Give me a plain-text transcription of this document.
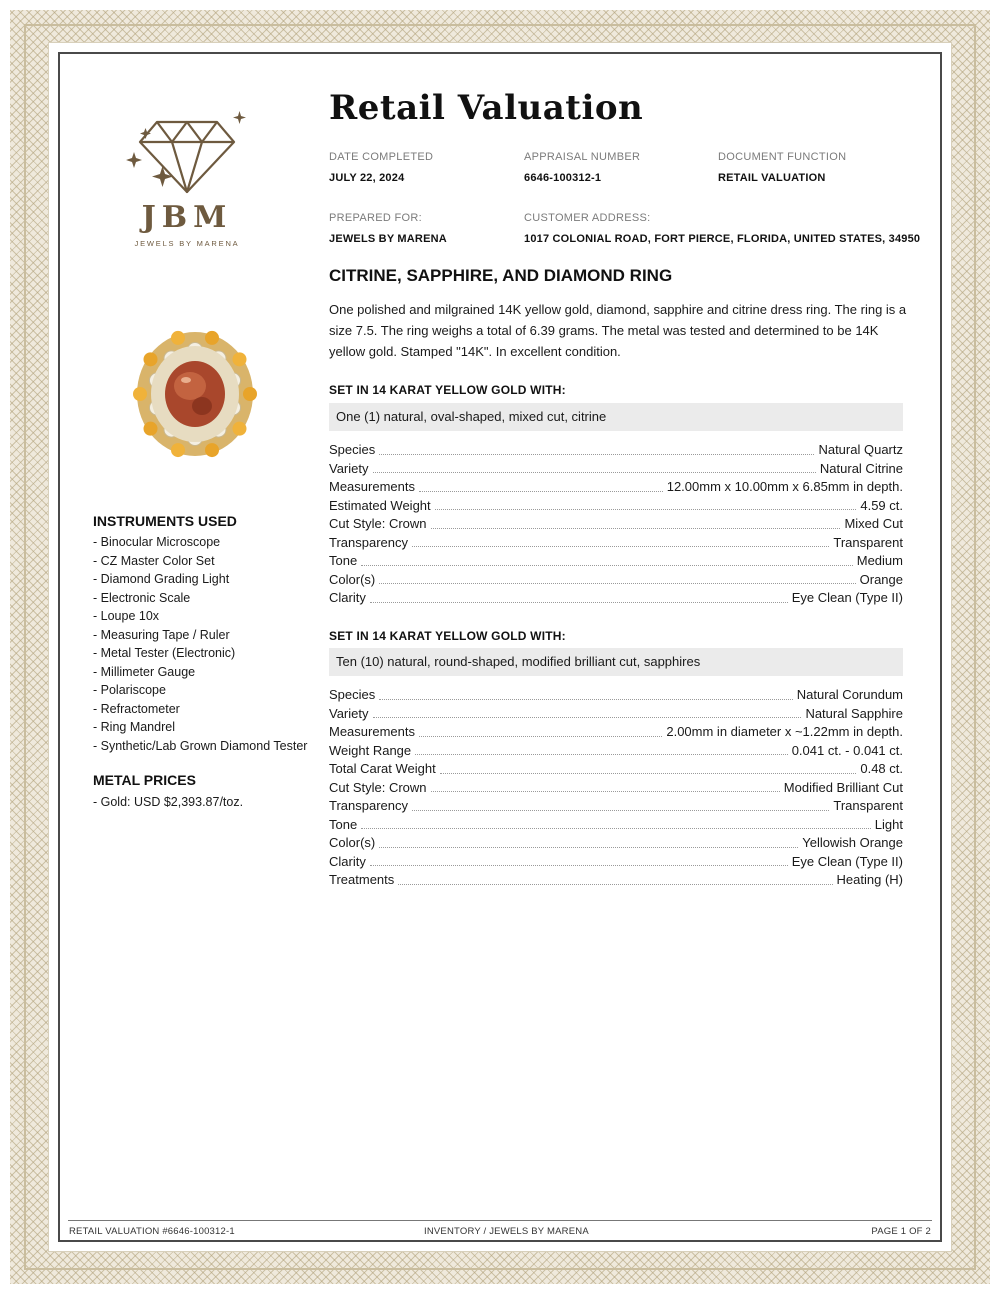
JBM
JEWELS BY MARENA
Retail Valuation
DATE COMPLETED
JULY 22, 2024
APPRAISAL NUMBER
6646-100312-1
DOCUMENT FUNCTION
RETAIL VALUATION
PREPARED FOR:
JEWELS BY MARENA
CUSTOMER ADDRESS:
1017 COLONIAL ROAD, FORT PIERCE, FLORIDA, UNITED STATES, 34950
CITRINE, SAPPHIRE, AND DIAMOND RING
One polished and milgrained 14K yellow gold, diamond, sapphire and citrine dress ring. The ring is a size 7.5. The ring weighs a total of 6.39 grams. The metal was tested and determined to be 14K yellow gold. Stamped "14K". In excellent condition.
SET IN 14 KARAT YELLOW GOLD WITH:
One (1) natural, oval-shaped, mixed cut, citrine
Species	Natural Quartz
Variety	Natural Citrine
Measurements	12.00mm x 10.00mm x 6.85mm in depth.
Estimated Weight	4.59 ct.
Cut Style: Crown	Mixed Cut
Transparency	Transparent
Tone	Medium
Color(s)	Orange
Clarity	Eye Clean (Type II)
SET IN 14 KARAT YELLOW GOLD WITH:
Ten (10) natural, round-shaped, modified brilliant cut, sapphires
Species	Natural Corundum
Variety	Natural Sapphire
Measurements	2.00mm in diameter x ~1.22mm in depth.
Weight Range	0.041 ct. - 0.041 ct.
Total Carat Weight	0.48 ct.
Cut Style: Crown	Modified Brilliant Cut
Transparency	Transparent
Tone	Light
Color(s)	Yellowish Orange
Clarity	Eye Clean (Type II)
Treatments	Heating (H)
INSTRUMENTS USED
- Binocular Microscope
- CZ Master Color Set
- Diamond Grading Light
- Electronic Scale
- Loupe 10x
- Measuring Tape / Ruler
- Metal Tester (Electronic)
- Millimeter Gauge
- Polariscope
- Refractometer
- Ring Mandrel
- Synthetic/Lab Grown Diamond Tester
METAL PRICES
- Gold: USD $2,393.87/toz.
RETAIL VALUATION #6646-100312-1	INVENTORY / JEWELS BY MARENA	PAGE 1 OF 2
